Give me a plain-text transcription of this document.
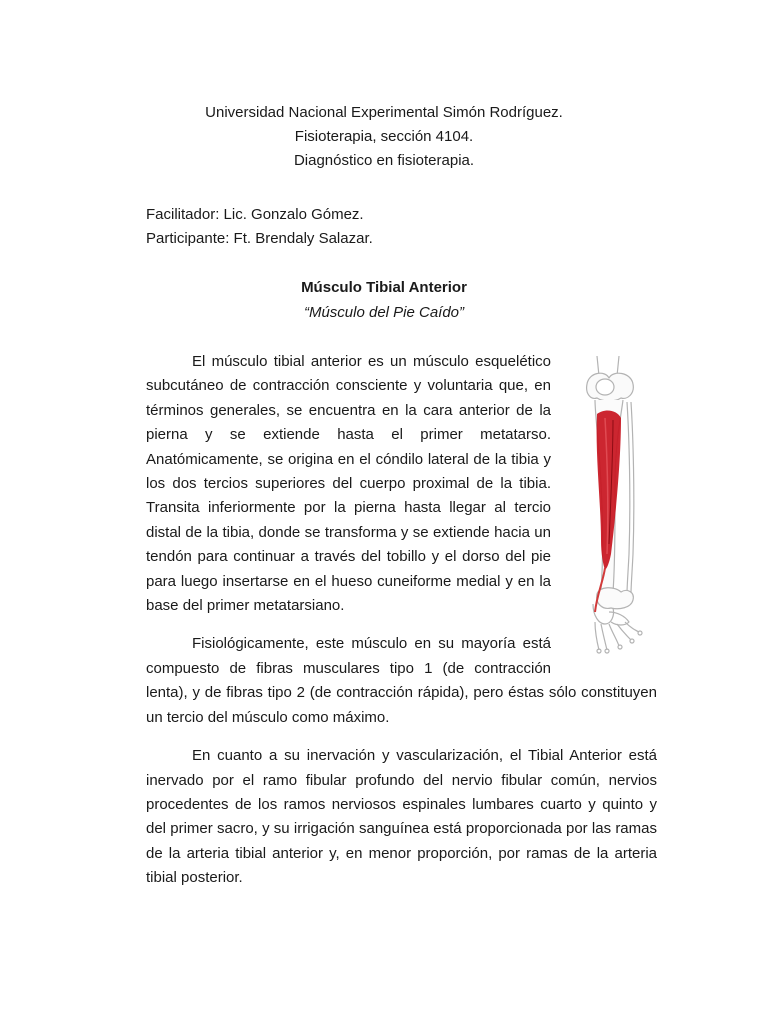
Universidad Nacional Experimental Simón Rodríguez.
Fisioterapia, sección 4104.
Diagnóstico en fisioterapia.
Facilitador: Lic. Gonzalo Gómez.
Participante: Ft. Brendaly Salazar.
Músculo Tibial Anterior
“Músculo del Pie Caído”

El músculo tibial anterior es un músculo esquelético subcutáneo de contracción consciente y voluntaria que, en términos generales, se encuentra en la cara anterior de la pierna y se extiende hasta el primer metatarso. Anatómicamente, se origina en el cóndilo lateral de la tibia y los dos tercios superiores del cuerpo proximal de la tibia. Transita inferiormente por la pierna hasta llegar al tercio distal de la tibia, donde se transforma y se extiende hacia un tendón para continuar a través del tobillo y el dorso del pie para luego insertarse en el hueso cuneiforme medial y en la base del primer metatarsiano.

Fisiológicamente, este músculo en su mayoría está compuesto de fibras musculares tipo 1 (de contracción lenta), y de fibras tipo 2 (de contracción rápida), pero éstas sólo constituyen un tercio del músculo como máximo.

En cuanto a su inervación y vascularización, el Tibial Anterior está inervado por el ramo fibular profundo del nervio fibular común, nervios procedentes de los ramos nerviosos espinales lumbares cuarto y quinto y del primer sacro, y su irrigación sanguínea está proporcionada por las ramas de la arteria tibial anterior y, en menor proporción, por ramas de la arteria tibial posterior.
